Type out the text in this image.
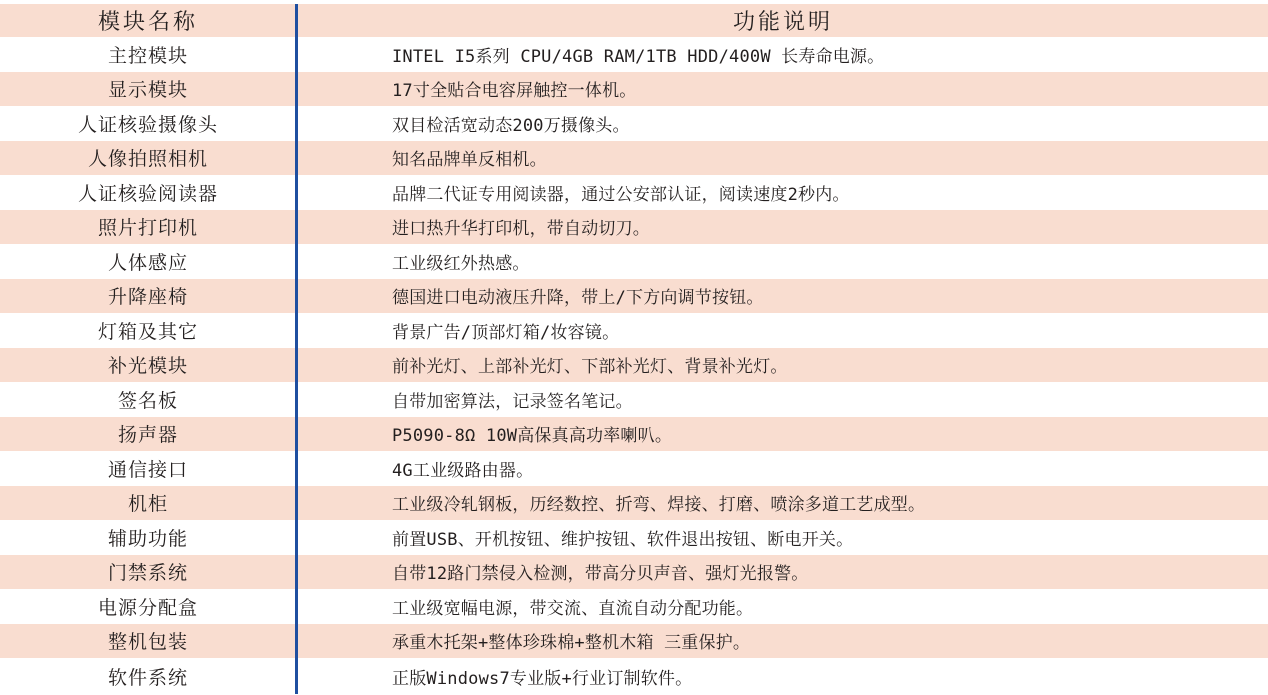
模块名称	功能说明
主控模块	INTEL I5系列 CPU/4GB RAM/1TB HDD/400W 长寿命电源。
显示模块	17寸全贴合电容屏触控一体机。
人证核验摄像头	双目检活宽动态200万摄像头。
人像拍照相机	知名品牌单反相机。
人证核验阅读器	品牌二代证专用阅读器，通过公安部认证，阅读速度2秒内。
照片打印机	进口热升华打印机，带自动切刀。
人体感应	工业级红外热感。
升降座椅	德国进口电动液压升降，带上/下方向调节按钮。
灯箱及其它	背景广告/顶部灯箱/妆容镜。
补光模块	前补光灯、上部补光灯、下部补光灯、背景补光灯。
签名板	自带加密算法，记录签名笔记。
扬声器	P5090-8Ω 10W高保真高功率喇叭。
通信接口	4G工业级路由器。
机柜	工业级冷轧钢板，历经数控、折弯、焊接、打磨、喷涂多道工艺成型。
辅助功能	前置USB、开机按钮、维护按钮、软件退出按钮、断电开关。
门禁系统	自带12路门禁侵入检测，带高分贝声音、强灯光报警。
电源分配盒	工业级宽幅电源，带交流、直流自动分配功能。
整机包装	承重木托架+整体珍珠棉+整机木箱 三重保护。
软件系统	正版Windows7专业版+行业订制软件。
